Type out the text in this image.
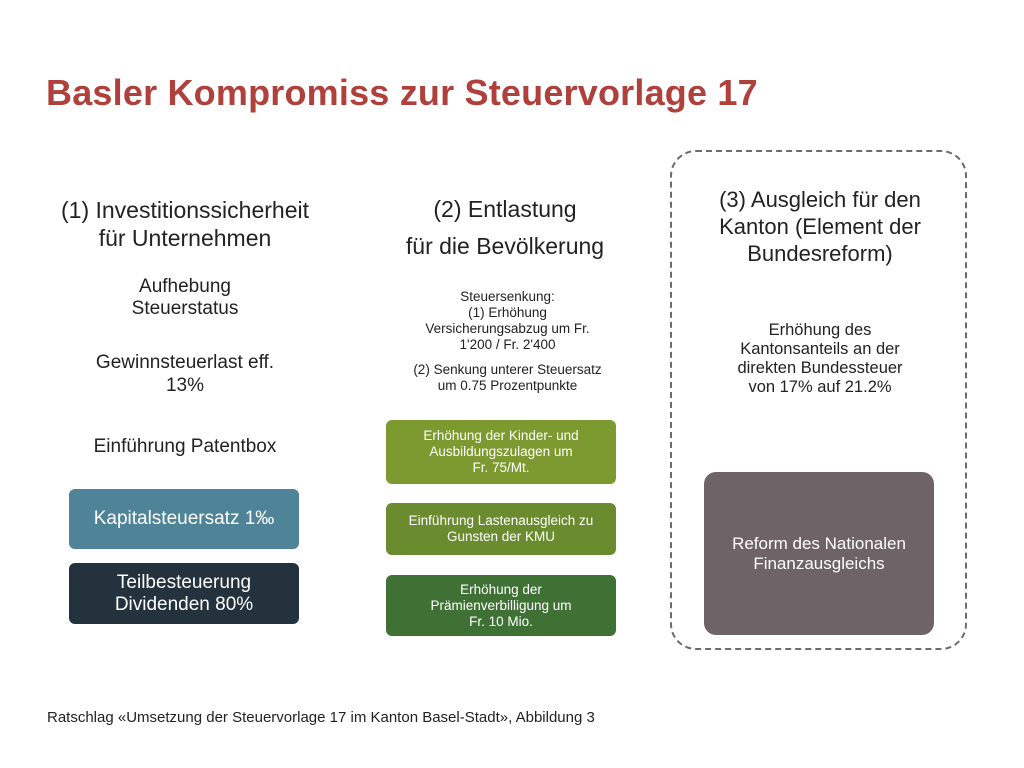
Basler Kompromiss zur Steuervorlage 17
(1) Investitionssicherheit
für Unternehmen
Aufhebung
Steuerstatus
Gewinnsteuerlast eff.
13%
Einführung Patentbox
Kapitalsteuersatz 1‰
Teilbesteuerung
Dividenden 80%
(2) Entlastung
für die Bevölkerung
Steuersenkung:
(1) Erhöhung
Versicherungsabzug um Fr.
1'200 / Fr. 2'400
(2) Senkung unterer Steuersatz
um 0.75 Prozentpunkte
Erhöhung der Kinder- und
Ausbildungszulagen um
Fr. 75/Mt.
Einführung Lastenausgleich zu
Gunsten der KMU
Erhöhung der
Prämienverbilligung um
Fr. 10 Mio.
(3) Ausgleich für den
Kanton (Element der
Bundesreform)
Erhöhung des
Kantonsanteils an der
direkten Bundessteuer
von 17% auf 21.2%
Reform des Nationalen
Finanzausgleichs
Ratschlag «Umsetzung der Steuervorlage 17 im Kanton Basel-Stadt», Abbildung 3
